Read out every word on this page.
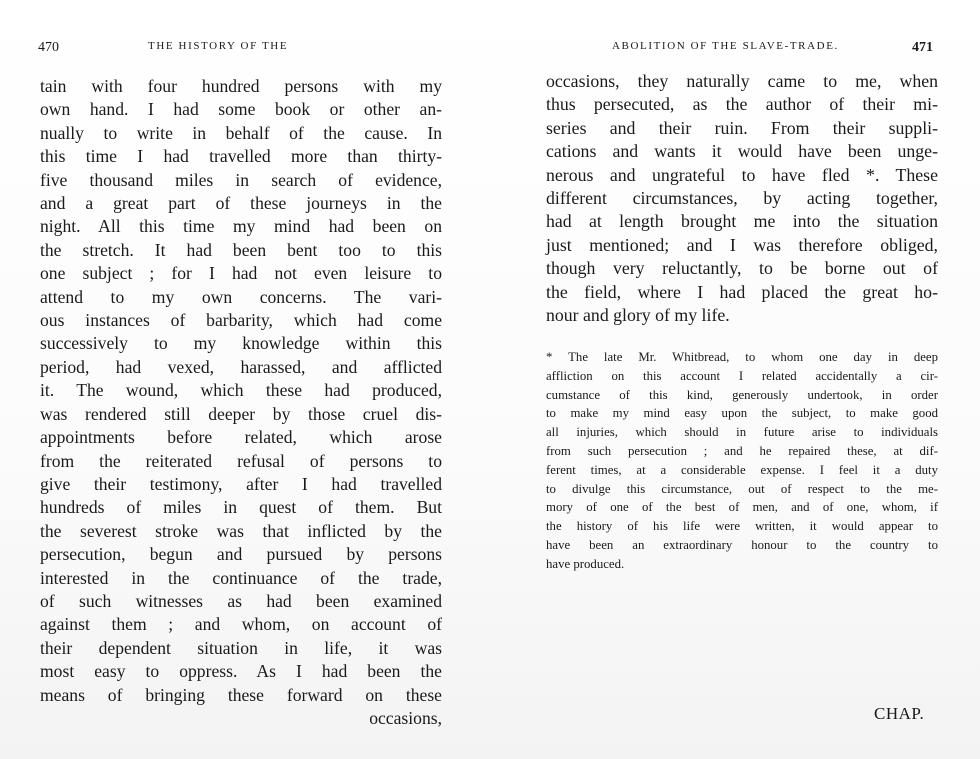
470	THE HISTORY OF THE
tain with four hundred persons with my
own hand. I had some book or other an-
nually to write in behalf of the cause. In
this time I had travelled more than thirty-
five thousand miles in search of evidence,
and a great part of these journeys in the
night. All this time my mind had been on
the stretch. It had been bent too to this
one subject ; for I had not even leisure to
attend to my own concerns. The vari-
ous instances of barbarity, which had come
successively to my knowledge within this
period, had vexed, harassed, and afflicted
it. The wound, which these had produced,
was rendered still deeper by those cruel dis-
appointments before related, which arose
from the reiterated refusal of persons to
give their testimony, after I had travelled
hundreds of miles in quest of them. But
the severest stroke was that inflicted by the
persecution, begun and pursued by persons
interested in the continuance of the trade,
of such witnesses as had been examined
against them ; and whom, on account of
their dependent situation in life, it was
most easy to oppress. As I had been the
means of bringing these forward on these
occasions,
ABOLITION OF THE SLAVE-TRADE.	471
occasions, they naturally came to me, when
thus persecuted, as the author of their mi-
series and their ruin. From their suppli-
cations and wants it would have been unge-
nerous and ungrateful to have fled *. These
different circumstances, by acting together,
had at length brought me into the situation
just mentioned; and I was therefore obliged,
though very reluctantly, to be borne out of
the field, where I had placed the great ho-
nour and glory of my life.
* The late Mr. Whitbread, to whom one day in deep
affliction on this account I related accidentally a cir-
cumstance of this kind, generously undertook, in order
to make my mind easy upon the subject, to make good
all injuries, which should in future arise to individuals
from such persecution ; and he repaired these, at dif-
ferent times, at a considerable expense. I feel it a duty
to divulge this circumstance, out of respect to the me-
mory of one of the best of men, and of one, whom, if
the history of his life were written, it would appear to
have been an extraordinary honour to the country to
have produced.
CHAP.
